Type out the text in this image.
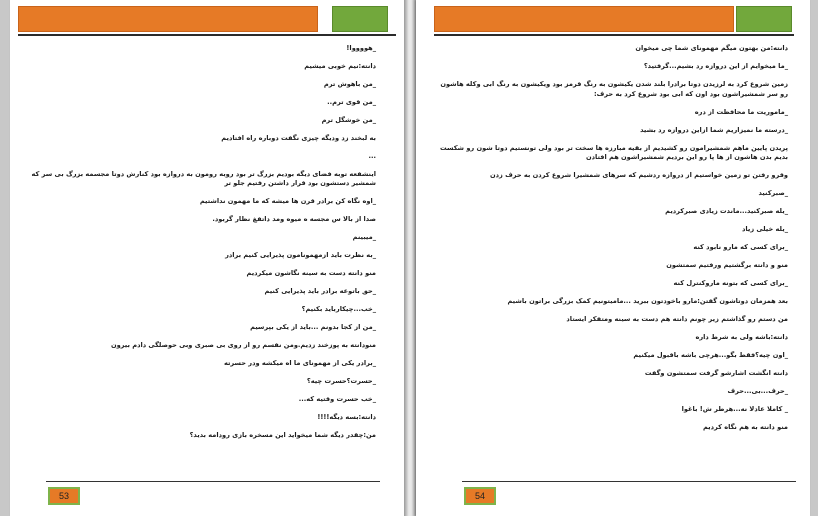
_هووووا!
دانته:نیم خوبی میشیم
_من باهوش ترم
_من قوی ترم..
_من خوشگل ترم
به لبخند زد ودیگه چیزی نگفت دوباره راه افتادیم
...
اینشفعه توبه فضای دیگه بودیم بزرگ تر بود روبه رومون به دروازه بود کنارش دوتا مجسمه بزرگ بی سر که شمشیر دستشون بود قرار داشتن رفتیم جلو تر
_اوه نگاه کن برادر قرن ها میشه که ما مهمون نداشتیم
صدا از بالا س مجسه ه میوه ومد داتفغ نظار گربود.
_میبینم
_به نظرت باید ازمهمونامون پذیرایی کنیم برادر
منو دانته دست به سینه نگاشون میکردیم
_حق باتوعه برادر باید پذیرایی کنیم
_خب...چیکارباید بکنیم؟
_من از کجا بدونم ...باید از یکی بپرسیم
منودانته به پوزخند زدیم.ومن نفسم رو از روی بی صبری وبی حوصلگی دادم بیرون
_برادر یکی از مهمونای ما اه میکشه ودر حسرته
_حسرت؟حسرت چیه؟
_خب حسرت وقتیه که...
دانته:بسه دیگه!!!!
من:چقدر دیگه شما میخواید این مسخره بازی رودامه بدید؟
53
دانته:من بهتون میگم مهمونای شما چی میخوان
_ما میخوایم از این دروازه رد بشیم...گرفتید؟
زمین شروع کرد به لرزیدن دوتا برادرا بلند شدن یکیشون به رنگ قرمز بود ویکیشون به رنگ ابی وکله هاشون رو سر شمشیراشون بود اون که ابی بود شروع کرد به حرف:
_ماموریت ما محافظت از دره
_درسته ما نمیزاریم شما ازاین دروازه رد بشید
پریدن پایین ماهم شمشیرامون رو کشیدیم از بقیه مبارزه ها سخت تر بود ولی تونستیم دوتا شون رو شکست بدیم بدن هاشون از ها پا رو این بردیم شمشیراشون هم افتادن
وقرو رفتن تو زمین خواستیم از دروازه ردشیم که سرهای شمشیرا شروع کردن به حرف زدن
_صبرکنید
_یله صبرکنید...ماندت زیادی صبرکردیم
_یله خیلی زیاد
_برای کسی که مارو نابود کنه
منو و دانته برگشتیم ورفتیم سمتشون
_برای کسی که بتونه ماروکنترل کنه
بعد همزمان دوتاشون گفتن:مارو باخودتون ببرید ...ماميتونیم کمک بزرگی براتون باشیم
من دستم رو گذاشتم زیر چونم دانته هم دست به سینه ومتفکر ایستاد
دانته:باشه ولی به شرط داره
_اون چیه؟فقط بگو...هرچی باشه باقبول میکنیم
دانته انگشت اشارشو گرفت سمتشون وگفت
_حرف...بی...حرف
_ کاملا عادلا نه...هرطر ش! باغوا
منو دانته به هم نگاه کردیم
54
